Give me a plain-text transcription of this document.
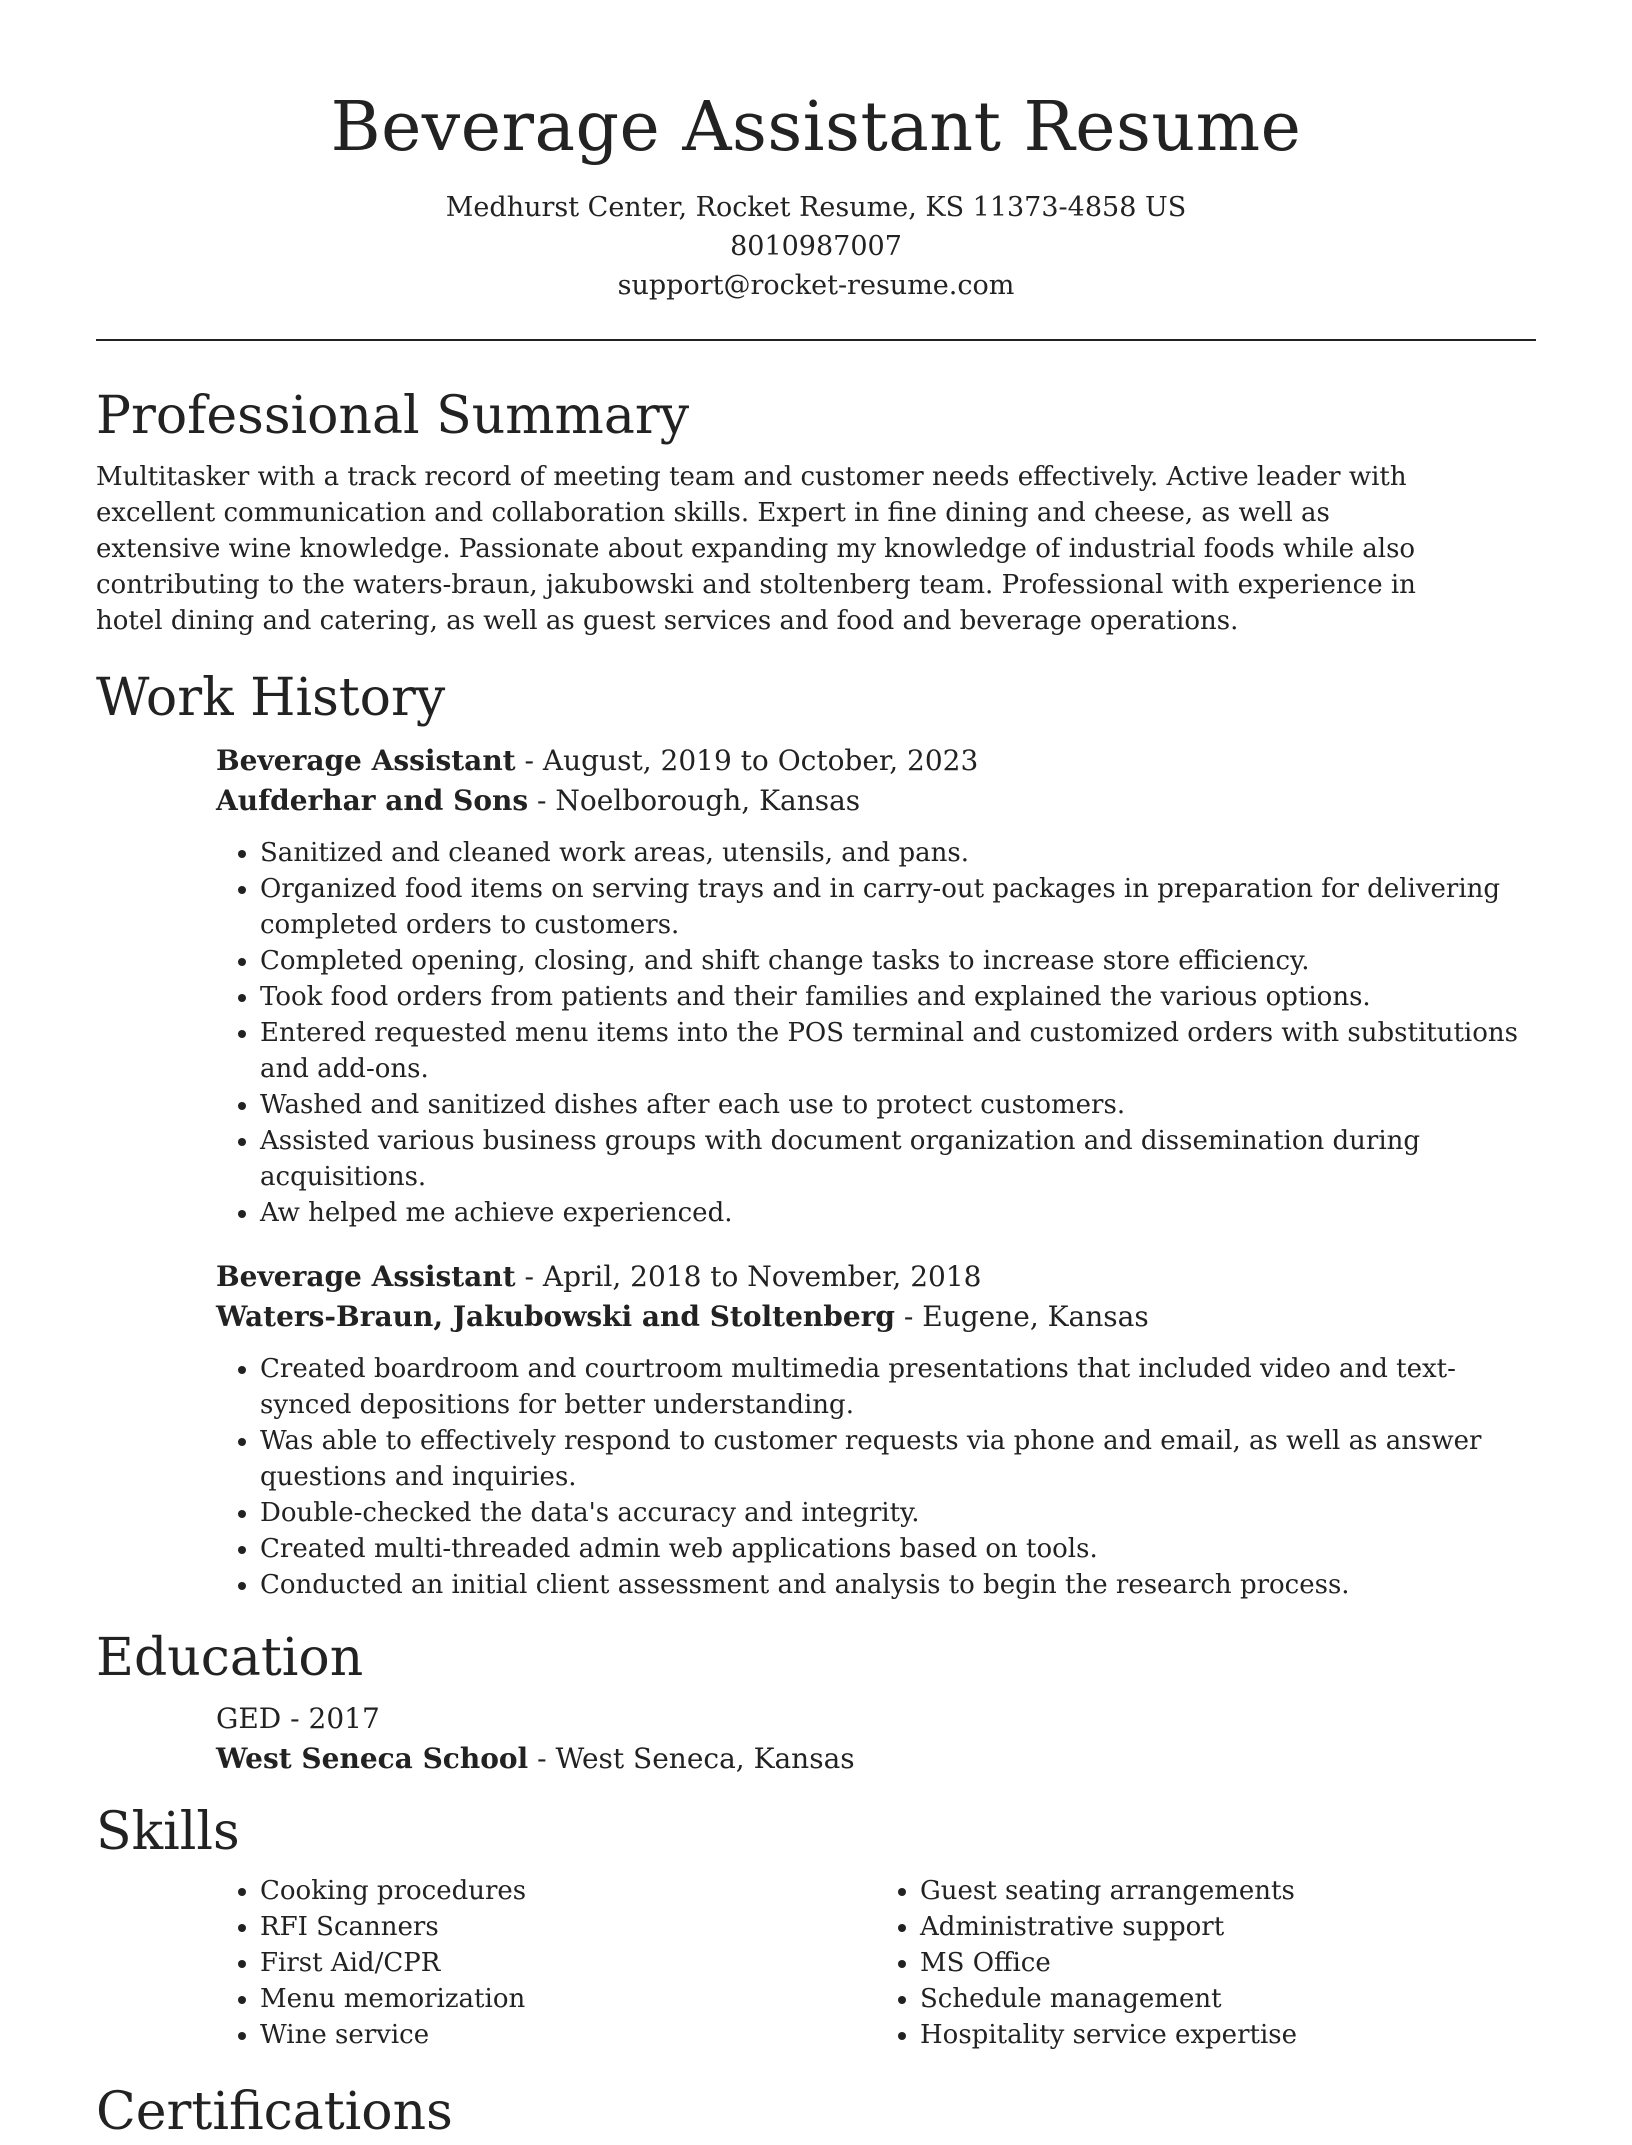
Beverage Assistant Resume
Medhurst Center, Rocket Resume, KS 11373-4858 US
8010987007
support@rocket-resume.com
Professional Summary

Multitasker with a track record of meeting team and customer needs effectively. Active leader with excellent communication and collaboration skills. Expert in fine dining and cheese, as well as extensive wine knowledge. Passionate about expanding my knowledge of industrial foods while also contributing to the waters-braun, jakubowski and stoltenberg team. Professional with experience in hotel dining and catering, as well as guest services and food and beverage operations.

Work History

Beverage Assistant - August, 2019 to October, 2023

Aufderhar and Sons - Noelborough, Kansas

• Sanitized and cleaned work areas, utensils, and pans.
• Organized food items on serving trays and in carry-out packages in preparation for delivering completed orders to customers.
• Completed opening, closing, and shift change tasks to increase store efficiency.
• Took food orders from patients and their families and explained the various options.
• Entered requested menu items into the POS terminal and customized orders with substitutions and add-ons.
• Washed and sanitized dishes after each use to protect customers.
• Assisted various business groups with document organization and dissemination during acquisitions.
• Aw helped me achieve experienced.

Beverage Assistant - April, 2018 to November, 2018

Waters-Braun, Jakubowski and Stoltenberg - Eugene, Kansas

• Created boardroom and courtroom multimedia presentations that included video and text-synced depositions for better understanding.
• Was able to effectively respond to customer requests via phone and email, as well as answer questions and inquiries.
• Double-checked the data's accuracy and integrity.
• Created multi-threaded admin web applications based on tools.
• Conducted an initial client assessment and analysis to begin the research process.
Education

GED - 2017

West Seneca School - West Seneca, Kansas

Skills
• Cooking procedures
• RFI Scanners
• First Aid/CPR
• Menu memorization
• Wine service
• Guest seating arrangements
• Administrative support
• MS Office
• Schedule management
• Hospitality service expertise
Certifications
